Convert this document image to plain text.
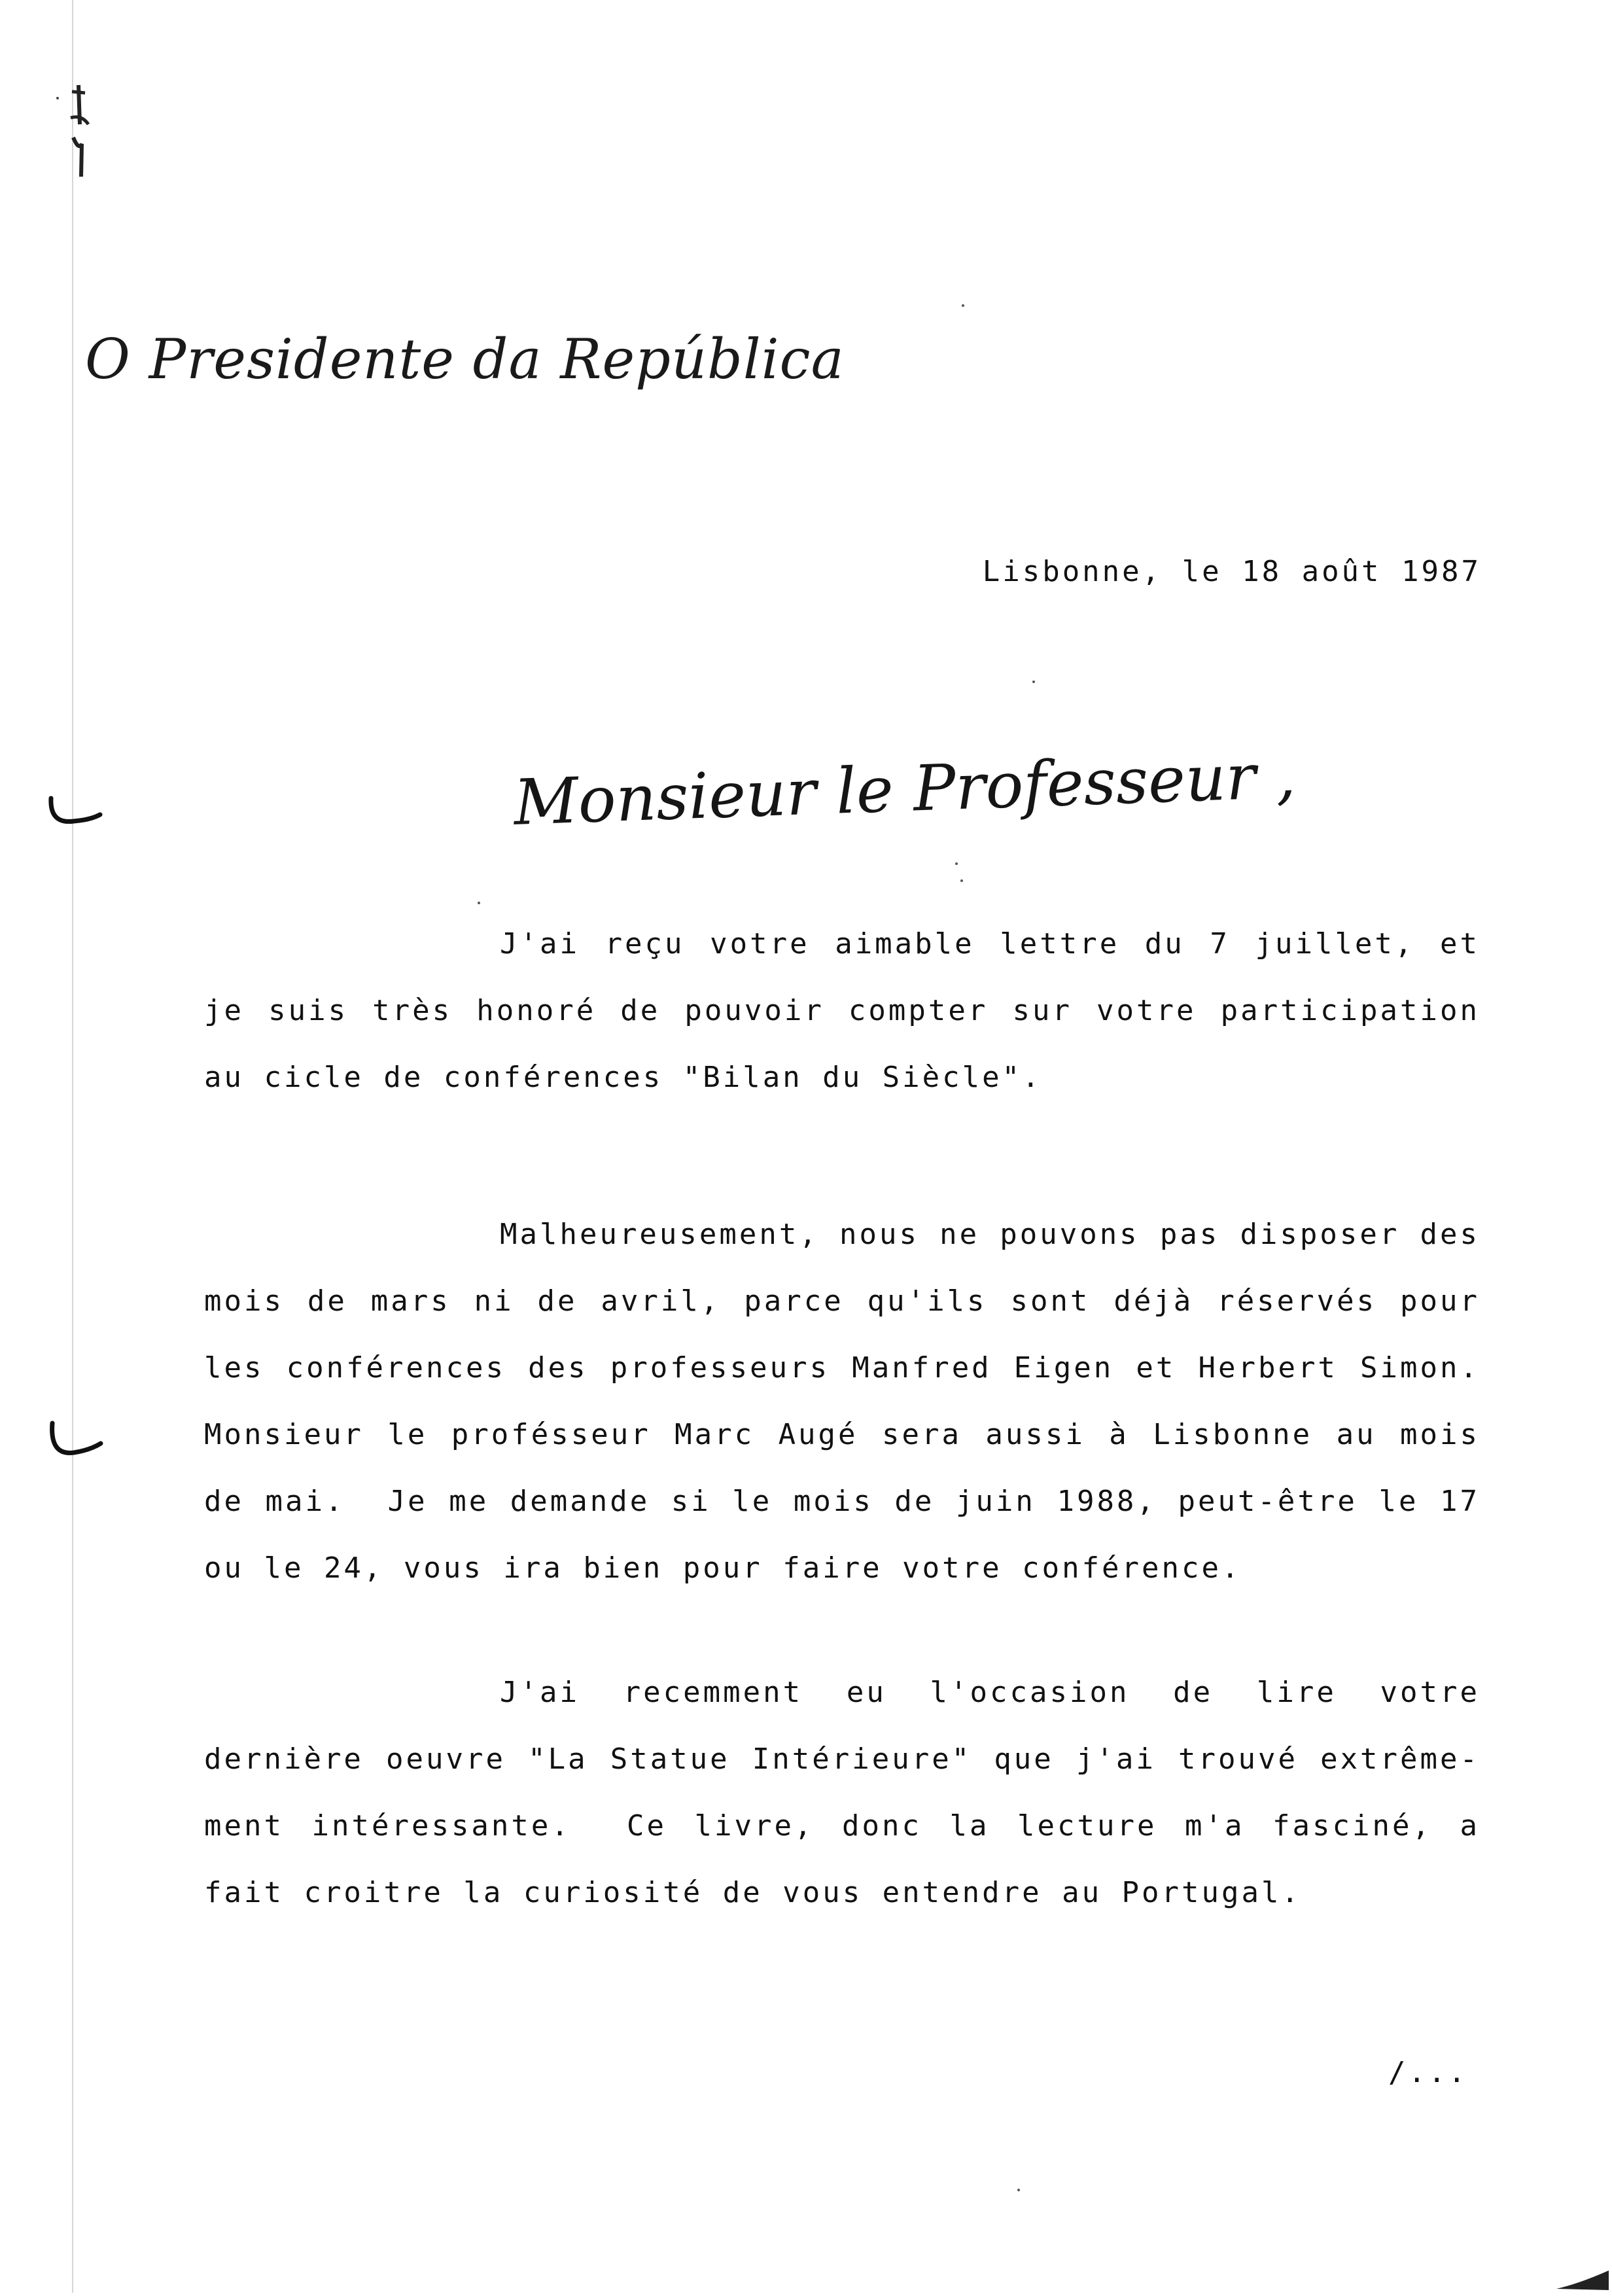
O Presidente da República
Lisbonne, le 18 août 1987
Monsieur le Professeur ,

J'ai reçu votre aimable lettre du 7 juillet, et

je suis très honoré de pouvoir compter sur votre participation

au cicle de conférences "Bilan du Siècle".

Malheureusement, nous ne pouvons pas disposer des

mois de mars ni de avril, parce qu'ils sont déjà réservés pour

les conférences des professeurs Manfred Eigen et Herbert Simon.

Monsieur le profésseur Marc Augé sera aussi à Lisbonne au mois

de mai.  Je me demande si le mois de juin 1988, peut-être le 17

ou le 24, vous ira bien pour faire votre conférence.

J'ai recemment eu l'occasion de lire votre

dernière oeuvre "La Statue Intérieure" que j'ai trouvé extrême-

ment intéressante.  Ce livre, donc la lecture m'a fasciné, a

fait croitre la curiosité de vous entendre au Portugal.

/...
